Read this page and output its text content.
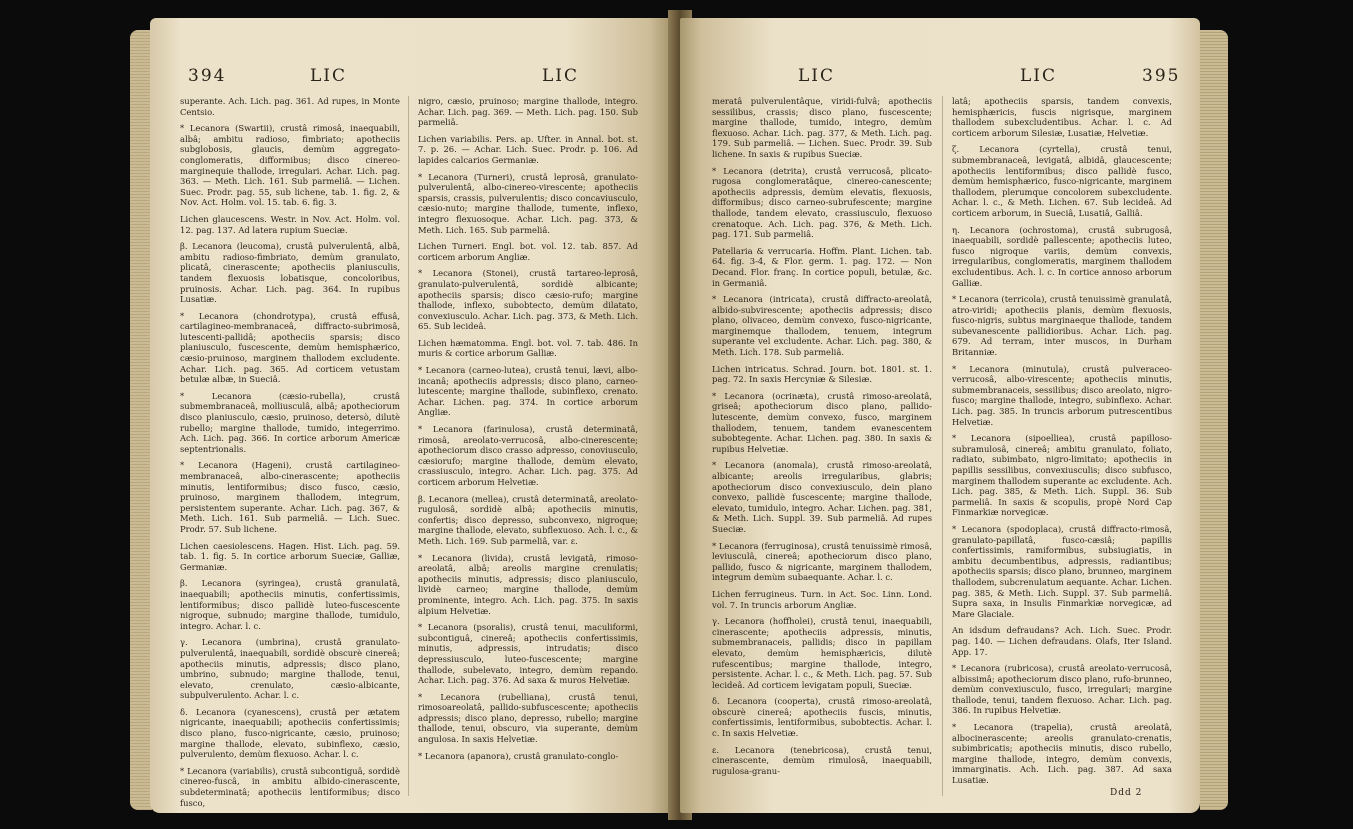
394	LIC	LIC

superante. Ach. Lich. pag. 361. Ad rupes, in Monte Centsio.

* Lecanora (Swartii), crustâ rimosâ, inaequabili, albâ; ambitu radioso, fimbriato; apotheciis subglobosis, glaucis, demùm aggregato-conglomeratis, difformibus; disco cinereo-marginequie thallode, irregulari. Achar. Lich. pag. 363. — Meth. Lich. 161. Sub parmeliâ. — Lichen. Suec. Prodr. pag. 55, sub lichene, tab. 1. fig. 2, & Nov. Act. Holm. vol. 15. tab. 6. fig. 3.

Lichen glaucescens. Westr. in Nov. Act. Holm. vol. 12. pag. 137. Ad latera rupium Sueciæ.

β. Lecanora (leucoma), crustâ pulverulentâ, albâ, ambitu radioso-fimbriato, demùm granulato, plicatâ, cinerascente; apotheciis planiusculis, tandem flexuosis lobatisque, concoloribus, pruinosis. Achar. Lich. pag. 364. In rupibus Lusatiæ.

* Lecanora (chondrotypa), crustâ effusâ, cartilagineo-membranaceâ, diffracto-subrimosâ, lutescenti-pallidâ; apotheciis sparsis; disco planiusculo, fuscescente, demùm hemisphærico, cæsio-pruinoso, marginem thallodem excludente. Achar. Lich. pag. 365. Ad corticem vetustam betulæ albæ, in Sueciâ.

* Lecanora (cæsio-rubella), crustâ submembranaceâ, molliusculâ, albâ; apotheciorum disco planiusculo, cæsio, pruinoso, detersò, dilutè rubello; margine thallode, tumido, integerrimo. Ach. Lich. pag. 366. In cortice arborum Americæ septentrionalis.

* Lecanora (Hageni), crustâ cartilagineo-membranaceâ, albo-cinerascente; apotheciis minutis, lentiformibus; disco fusco, cæsio, pruinoso, marginem thallodem, integrum, persistentem superante. Achar. Lich. pag. 367, & Meth. Lich. 161. Sub parmeliâ. — Lich. Suec. Prodr. 57. Sub lichene.

Lichen caesiolescens. Hagen. Hist. Lich. pag. 59. tab. 1. fig. 5. In cortice arborum Sueciæ, Galliæ, Germaniæ.

β. Lecanora (syringea), crustâ granulatâ, inaequabili; apotheciis minutis, confertissimis, lentiformibus; disco pallidè luteo-fuscescente nigroque, subnudo; margine thallode, tumidulo, integro. Achar. l. c.

γ. Lecanora (umbrina), crustâ granulato-pulverulentâ, inaequabili, sordidè obscurè cinereâ; apotheciis minutis, adpressis; disco plano, umbrino, subnudo; margine thallode, tenui, elevato, crenulato, cæsio-albicante, subpulverulento. Achar. l. c.

δ. Lecanora (cyanescens), crustâ per ætatem nigricante, inaequabili; apotheciis confertissimis; disco plano, fusco-nigricante, cæsio, pruinoso; margine thallode, elevato, subinflexo, cæsio, pulverulento, demùm flexuoso. Achar. l. c.

* Lecanora (variabilis), crustâ subcontiguâ, sordidè cinereo-fuscâ, in ambitu albido-cinerascente, subdeterminatâ; apotheciis lentiformibus; disco fusco,

nigro, cæsio, pruinoso; margine thallode, integro. Achar. Lich. pag. 369. — Meth. Lich. pag. 150. Sub parmeliâ.

Lichen variabilis. Pers. ap. Ufter. in Annal. bot. st. 7. p. 26. — Achar. Lich. Suec. Prodr. p. 106. Ad lapides calcarios Germaniæ.

* Lecanora (Turneri), crustâ leprosâ, granulato-pulverulentâ, albo-cinereo-virescente; apotheciis sparsis, crassis, pulverulentis; disco concaviusculo, cæsio-nuto; margine thallode, tumente, inflexo, integro flexuosoque. Achar. Lich. pag. 373, & Meth. Lich. 165. Sub parmeliâ.

Lichen Turneri. Engl. bot. vol. 12. tab. 857. Ad corticem arborum Angliæ.

* Lecanora (Stonei), crustâ tartareo-leprosâ, granulato-pulverulentâ, sordidè albicante; apotheciis sparsis; disco cæsio-rufo; margine thallode, inflexo, subobtecto, demùm dilatato, convexiusculo. Achar. Lich. pag. 373, & Meth. Lich. 65. Sub lecideâ.

Lichen hæmatomma. Engl. bot. vol. 7. tab. 486. In muris & cortice arborum Galliæ.

* Lecanora (carneo-lutea), crustâ tenui, lævi, albo-incanâ; apotheciis adpressis; disco plano, carneo-lutescente; margine thallode, subinflexo, crenato. Achar. Lichen. pag. 374. In cortice arborum Angliæ.

* Lecanora (farinulosa), crustâ determinatâ, rimosâ, areolato-verrucosâ, albo-cinerescente; apotheciorum disco crasso adpresso, conoviusculo, cæsiorufo; margine thallode, demùm elevato, crassiusculo, integro. Achar. Lich. pag. 375. Ad corticem arborum Helvetiæ.

β. Lecanora (mellea), crustâ determinatâ, areolato-rugulosâ, sordidè albâ; apotheciis minutis, confertis; disco depresso, subconvexo, nigroque; margine thallode, elevato, subflexuoso. Ach. l. c., & Meth. Lich. 169. Sub parmeliâ, var. ε.

* Lecanora (livida), crustâ levigatâ, rimoso-areolatâ, albâ; areolis margine crenulatis; apotheciis minutis, adpressis; disco planiusculo, lividè carneo; margine thallode, demùm prominente, integro. Ach. Lich. pag. 375. In saxis alpium Helvetiæ.

* Lecanora (psoralis), crustâ tenui, maculiformi, subcontiguâ, cinereâ; apotheciis confertissimis, minutis, adpressis, intrudatis; disco depressiusculo, luteo-fuscescente; margine thallode, subelevato, integro, demùm repando. Achar. Lich. pag. 376. Ad saxa & muros Helvetiæ.

* Lecanora (rubelliana), crustâ tenui, rimosoareolatâ, pallido-subfuscescente; apotheciis adpressis; disco plano, depresso, rubello; margine thallode, tenui, obscuro, via superante, demùm angulosa. In saxis Helvetiæ.

* Lecanora (apanora), crustâ granulato-conglo-

LIC	LIC	395

meratâ pulverulentâque, viridi-fulvâ; apotheciis sessilibus, crassis; disco plano, fuscescente; margine thallode, tumido, integro, demùm flexuoso. Achar. Lich. pag. 377, & Meth. Lich. pag. 179. Sub parmeliâ. — Lichen. Suec. Prodr. 39. Sub lichene. In saxis & rupibus Sueciæ.

* Lecanora (detrita), crustâ verrucosâ, plicato-rugosa conglomeratâque, cinereo-canescente; apotheciis adpressis, demùm elevatis, flexuosis, difformibus; disco carneo-subrufescente; margine thallode, tandem elevato, crassiusculo, flexuoso crenatoque. Ach. Lich. pag. 376, & Meth. Lich. pag. 171. Sub parmeliâ.

Patellaria & verrucaria. Hoffm. Plant. Lichen. tab. 64. fig. 3-4, & Flor. germ. 1. pag. 172. — Non Decand. Flor. franç. In cortice populi, betulæ, &c. in Germaniâ.

* Lecanora (intricata), crustâ diffracto-areolatâ, albido-subvirescente; apotheciis adpressis; disco plano, olivaceo, demùm convexo, fusco-nigricante, marginemque thallodem, tenuem, integrum superante vel excludente. Achar. Lich. pag. 380, & Meth. Lich. 178. Sub parmeliâ.

Lichen intricatus. Schrad. Journ. bot. 1801. st. 1. pag. 72. In saxis Hercyniæ & Silesiæ.

* Lecanora (ocrinæta), crustâ rimoso-areolatâ, griseâ; apotheciorum disco plano, pallido-lutescente, demùm convexo, fusco, marginem thallodem, tenuem, tandem evanescentem subobtegente. Achar. Lichen. pag. 380. In saxis & rupibus Helvetiæ.

* Lecanora (anomala), crustâ rimoso-areolatâ, albicante; areolis irregularibus, glabris; apotheciorum disco convexiusculo, dein plano convexo, pallidè fuscescente; margine thallode, elevato, tumidulo, integro. Achar. Lichen. pag. 381, & Meth. Lich. Suppl. 39. Sub parmeliâ. Ad rupes Sueciæ.

* Lecanora (ferruginosa), crustâ tenuissimè rimosâ, leviusculâ, cinereâ; apotheciorum disco plano, pallido, fusco & nigricante, marginem thallodem, integrum demùm subaequante. Achar. l. c.

Lichen ferrugineus. Turn. in Act. Soc. Linn. Lond. vol. 7. In truncis arborum Angliæ.

γ. Lecanora (hoffholei), crustâ tenui, inaequabili, cinerascente; apotheciis adpressis, minutis, submembranaceis, pallidis; disco in papillam elevato, demùm hemisphæricis, dilutè rufescentibus; margine thallode, integro, persistente. Achar. l. c., & Meth. Lich. pag. 57. Sub lecideâ. Ad corticem levigatam populi, Sueciæ.

δ. Lecanora (cooperta), crustâ rimoso-areolatâ, obscurè cinereâ; apotheciis fuscis, minutis, confertissimis, lentiformibus, subobtectis. Achar. l. c. In saxis Helvetiæ.

ε. Lecanora (tenebricosa), crustâ tenui, cinerascente, demùm rimulosâ, inaequabili, rugulosa-granu-

latâ; apotheciis sparsis, tandem convexis, hemisphæricis, fuscis nigrisque, marginem thallodem subexcludentibus. Achar. l. c. Ad corticem arborum Silesiæ, Lusatiæ, Helvetiæ.

ζ. Lecanora (cyrtella), crustâ tenui, submembranaceâ, levigatâ, albidâ, glaucescente; apotheciis lentiformibus; disco pallidè fusco, demùm hemisphærico, fusco-nigricante, marginem thallodem, plerumque concolorem subexcludente. Achar. l. c., & Meth. Lichen. 67. Sub lecideâ. Ad corticem arborum, in Sueciâ, Lusatiâ, Galliâ.

η. Lecanora (ochrostoma), crustâ subrugosâ, inaequabili, sordidè pallescente; apotheciis luteo, fusco nigroque variis, demùm convexis, irregularibus, conglomeratis, marginem thallodem excludentibus. Ach. l. c. In cortice annoso arborum Galliæ.

* Lecanora (terricola), crustâ tenuissimè granulatâ, atro-viridi; apotheciis planis, demùm flexuosis, fusco-nigris, subtus marginaeque thallode, tandem subevanescente pallidioribus. Achar. Lich. pag. 679. Ad terram, inter muscos, in Durham Britanniæ.

* Lecanora (minutula), crustâ pulveraceo-verrucosâ, albo-virescente; apotheciis minutis, submembranaceis, sessilibus; disco areolato, nigro-fusco; margine thallode, integro, subinflexo. Achar. Lich. pag. 385. In truncis arborum putrescentibus Helvetiæ.

* Lecanora (sipoelliea), crustâ papilloso-subramulosâ, cinereâ; ambitu granulato, foliato, radiato, subimbato, nigro-limitato; apotheciis in papillis sessilibus, convexiusculis; disco subfusco, marginem thallodem superante ac excludente. Ach. Lich. pag. 385, & Meth. Lich. Suppl. 36. Sub parmeliâ. In saxis & scopulis, propè Nord Cap Finmarkiæ norvegicæ.

* Lecanora (spodoplaca), crustâ diffracto-rimosâ, granulato-papillatâ, fusco-cæsiâ; papillis confertissimis, ramiformibus, subsiugiatis, in ambitu decumbentibus, adpressis, radiantibus; apotheciis sparsis; disco plano, brunneo, marginem thallodem, subcrenulatum aequante. Achar. Lichen. pag. 385, & Meth. Lich. Suppl. 37. Sub parmeliâ. Supra saxa, in Insulis Finmarkiæ norvegicæ, ad Mare Glaciale.

An idsdum defraudans? Ach. Lich. Suec. Prodr. pag. 140. — Lichen defraudans. Olafs, Iter Island. App. 17.

* Lecanora (rubricosa), crustâ areolato-verrucosâ, albissimâ; apotheciorum disco plano, rufo-brunneo, demùm convexiusculo, fusco, irregulari; margine thallode, tenui, tandem flexuoso. Achar. Lich. pag. 386. In rupibus Helvetiæ.

* Lecanora (trapelia), crustâ areolatâ, albocinerascente; areolis granulato-crenatis, subimbricatis; apotheciis minutis, disco rubello, margine thallode, integro, demùm convexis, immarginatis. Ach. Lich. pag. 387. Ad saxa Lusatiæ.

Ddd 2
